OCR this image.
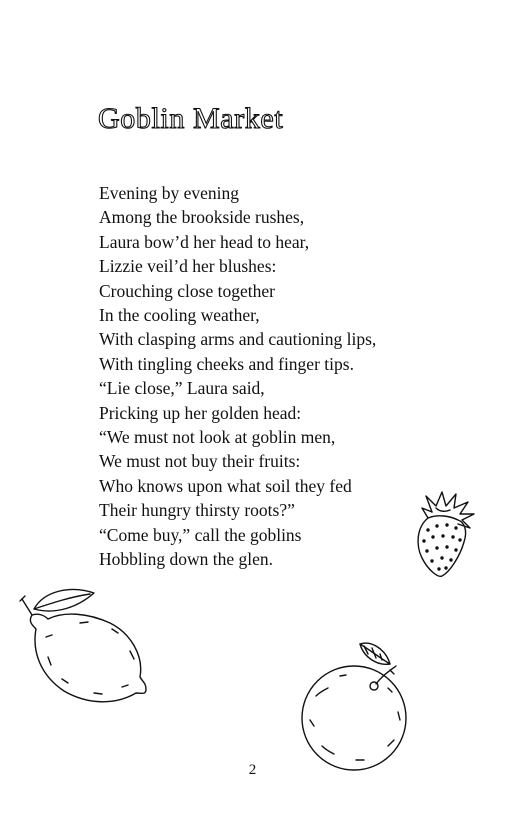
Goblin Market
Evening by evening
Among the brookside rushes,
Laura bow’d her head to hear,
Lizzie veil’d her blushes:
Crouching close together
In the cooling weather,
With clasping arms and cautioning lips,
With tingling cheeks and finger tips.
“Lie close,” Laura said,
Pricking up her golden head:
“We must not look at goblin men,
We must not buy their fruits:
Who knows upon what soil they fed
Their hungry thirsty roots?”
“Come buy,” call the goblins
Hobbling down the glen.
2
